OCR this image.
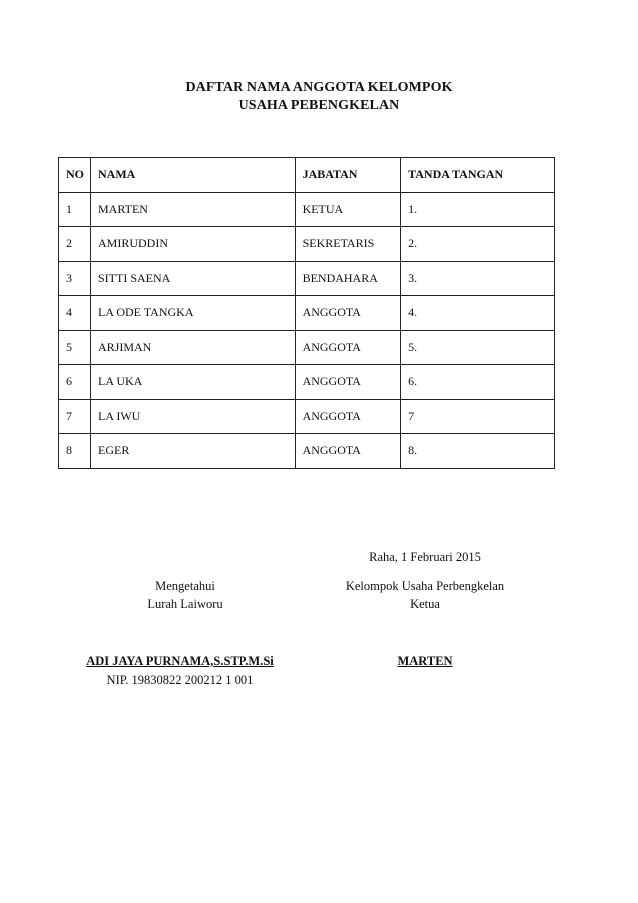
DAFTAR NAMA ANGGOTA KELOMPOK
USAHA PEBENGKELAN
NO	NAMA	JABATAN	TANDA TANGAN
1	MARTEN	KETUA	1.
2	AMIRUDDIN	SEKRETARIS	2.
3	SITTI SAENA	BENDAHARA	3.
4	LA ODE TANGKA	ANGGOTA	4.
5	ARJIMAN	ANGGOTA	5.
6	LA UKA	ANGGOTA	6.
7	LA IWU	ANGGOTA	7
8	EGER	ANGGOTA	8.
Raha, 1 Februari 2015
Mengetahui
Lurah Laiworu
Kelompok Usaha Perbengkelan
Ketua
ADI JAYA PURNAMA,S.STP.M.Si
NIP. 19830822 200212 1 001
MARTEN
